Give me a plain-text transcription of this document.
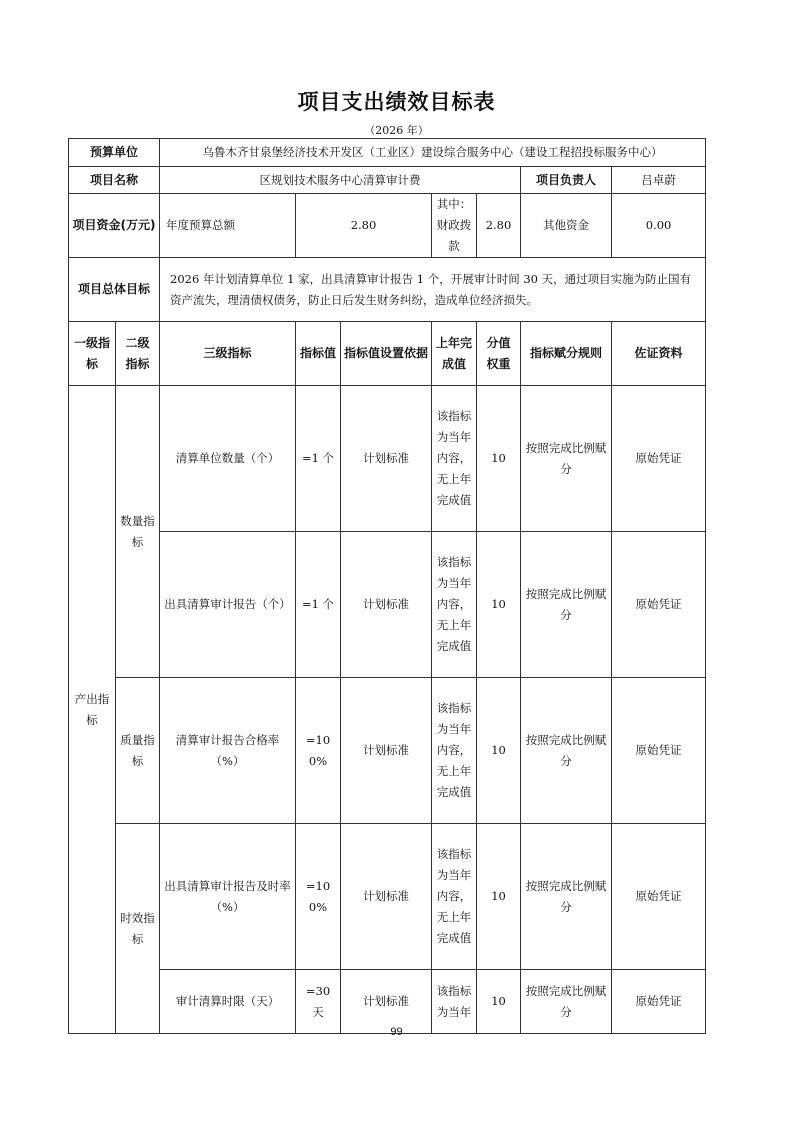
项目支出绩效目标表
（2026 年）
预算单位		乌鲁木齐甘泉堡经济技术开发区（工业区）建设综合服务中心（建设工程招投标服务中心）						
项目名称		区规划技术服务中心清算审计费					项目负责人	吕卓蔚
项目资金(万元)		年度预算总额	2.80		其中：财政拨款	2.80	其他资金	0.00
项目总体目标		2026 年计划清算单位 1 家，出具清算审计报告 1 个，开展审计时间 30 天，通过项目实施为防止国有资产流失，理清债权债务，防止日后发生财务纠纷，造成单位经济损失。						
一级指标	二级指标	三级指标	指标值	指标值设置依据	上年完成值	分值权重	指标赋分规则	佐证资料
产出指标	数量指标	清算单位数量（个）	=1 个	计划标准	该指标为当年内容，无上年完成值	10	按照完成比例赋分	原始凭证
		出具清算审计报告（个）	=1 个	计划标准	该指标为当年内容，无上年完成值	10	按照完成比例赋分	原始凭证
	质量指标	清算审计报告合格率（%）	=100%	计划标准	该指标为当年内容，无上年完成值	10	按照完成比例赋分	原始凭证
	时效指标	出具清算审计报告及时率（%）	=100%	计划标准	该指标为当年内容，无上年完成值	10	按照完成比例赋分	原始凭证
		审计清算时限（天）	=30 天	计划标准	该指标为当年	10	按照完成比例赋分	原始凭证
99
